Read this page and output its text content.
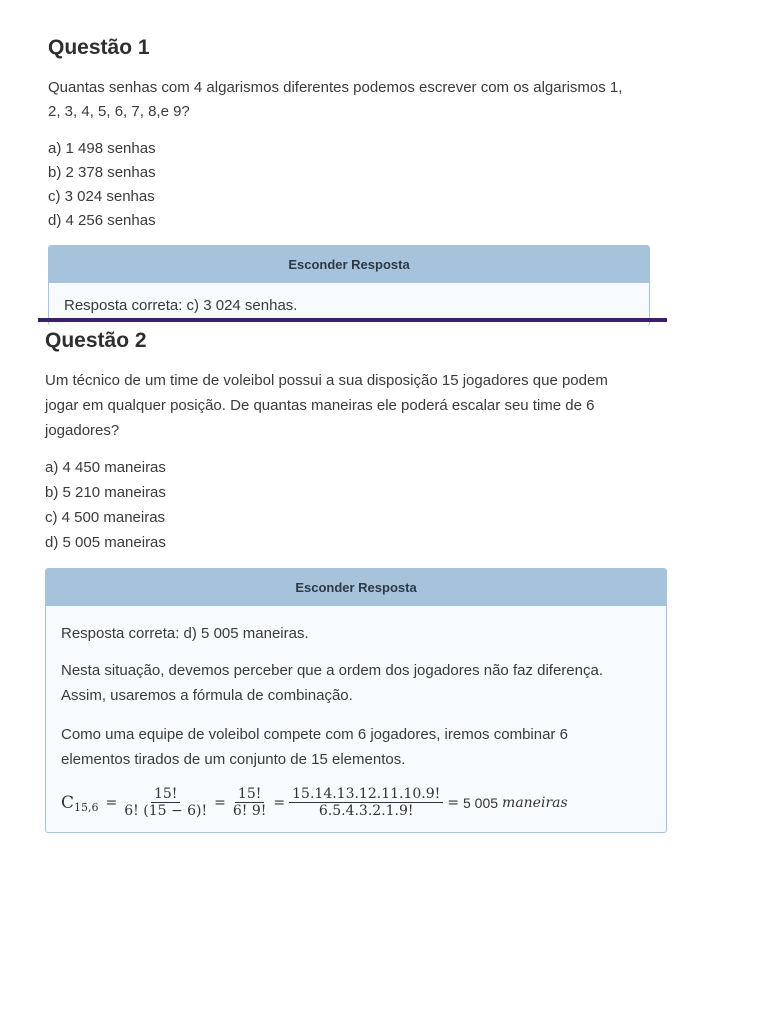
Questão 1

Quantas senhas com 4 algarismos diferentes podemos escrever com os algarismos 1,
2, 3, 4, 5, 6, 7, 8,e 9?

a) 1 498 senhas
b) 2 378 senhas
c) 3 024 senhas
d) 4 256 senhas
Esconder Resposta

Resposta correta: c) 3 024 senhas.

Questão 2

Um técnico de um time de voleibol possui a sua disposição 15 jogadores que podem
jogar em qualquer posição. De quantas maneiras ele poderá escalar seu time de 6
jogadores?

a) 4 450 maneiras
b) 5 210 maneiras
c) 4 500 maneiras
d) 5 005 maneiras
Esconder Resposta

Resposta correta: d) 5 005 maneiras.

Nesta situação, devemos perceber que a ordem dos jogadores não faz diferença.
Assim, usaremos a fórmula de combinação.

Como uma equipe de voleibol compete com 6 jogadores, iremos combinar 6
elementos tirados de um conjunto de 15 elementos.

C $15,6 = \frac{15!}{6! (15 - 6)!} = \frac{15!}{6! 9!} = \frac{15.14.13.12.11.10.9!}{6.5.4.3.2.1.9!} = 5$ 005 maneiras
